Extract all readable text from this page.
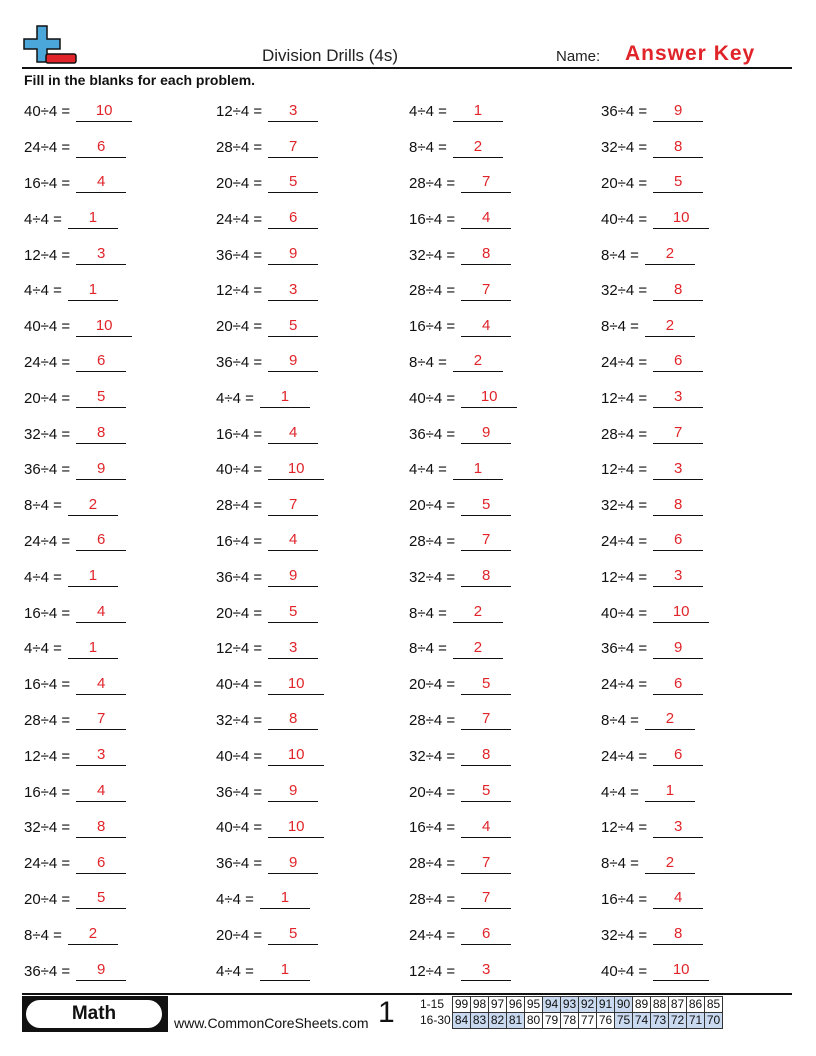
Division Drills (4s)	Name: Answer Key
Fill in the blanks for each problem.
40÷4 =	10	12÷4 =	3	4÷4 =	1	36÷4 =	9
24÷4 =	6	28÷4 =	7	8÷4 =	2	32÷4 =	8
16÷4 =	4	20÷4 =	5	28÷4 =	7	20÷4 =	5
4÷4 =	1	24÷4 =	6	16÷4 =	4	40÷4 =	10
12÷4 =	3	36÷4 =	9	32÷4 =	8	8÷4 =	2
4÷4 =	1	12÷4 =	3	28÷4 =	7	32÷4 =	8
40÷4 =	10	20÷4 =	5	16÷4 =	4	8÷4 =	2
24÷4 =	6	36÷4 =	9	8÷4 =	2	24÷4 =	6
20÷4 =	5	4÷4 =	1	40÷4 =	10	12÷4 =	3
32÷4 =	8	16÷4 =	4	36÷4 =	9	28÷4 =	7
36÷4 =	9	40÷4 =	10	4÷4 =	1	12÷4 =	3
8÷4 =	2	28÷4 =	7	20÷4 =	5	32÷4 =	8
24÷4 =	6	16÷4 =	4	28÷4 =	7	24÷4 =	6
4÷4 =	1	36÷4 =	9	32÷4 =	8	12÷4 =	3
16÷4 =	4	20÷4 =	5	8÷4 =	2	40÷4 =	10
4÷4 =	1	12÷4 =	3	8÷4 =	2	36÷4 =	9
16÷4 =	4	40÷4 =	10	20÷4 =	5	24÷4 =	6
28÷4 =	7	32÷4 =	8	28÷4 =	7	8÷4 =	2
12÷4 =	3	40÷4 =	10	32÷4 =	8	24÷4 =	6
16÷4 =	4	36÷4 =	9	20÷4 =	5	4÷4 =	1
32÷4 =	8	40÷4 =	10	16÷4 =	4	12÷4 =	3
24÷4 =	6	36÷4 =	9	28÷4 =	7	8÷4 =	2
20÷4 =	5	4÷4 =	1	28÷4 =	7	16÷4 =	4
8÷4 =	2	20÷4 =	5	24÷4 =	6	32÷4 =	8
36÷4 =	9	4÷4 =	1	12÷4 =	3	40÷4 =	10
Math	www.CommonCoreSheets.com 1 1-15	99	98	97	96	95	94	93	92	91	90	89	88	87	86	85
16-30	84	83	82	81	80	79	78	77	76	75	74	73	72	71	70
